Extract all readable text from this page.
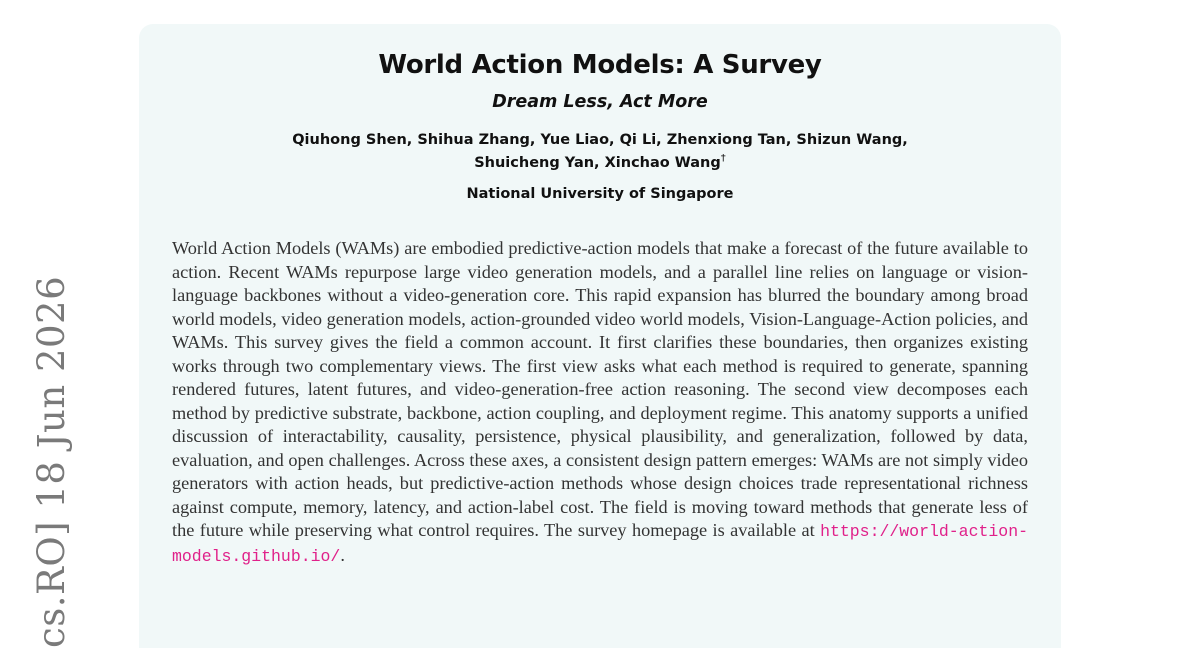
cs.RO] 18 Jun 2026
World Action Models: A Survey
Dream Less, Act More
Qiuhong Shen, Shihua Zhang, Yue Liao, Qi Li, Zhenxiong Tan, Shizun Wang,
Shuicheng Yan, Xinchao Wang†
National University of Singapore

World Action Models (WAMs) are embodied predictive-action models that make a forecast of the future available to action. Recent WAMs repurpose large video generation models, and a parallel line relies on language or vision-language backbones without a video-generation core. This rapid expansion has blurred the boundary among broad world models, video generation models, action-grounded video world models, Vision-Language-Action policies, and WAMs. This survey gives the field a common account. It first clarifies these boundaries, then organizes existing works through two complementary views. The first view asks what each method is required to generate, spanning rendered futures, latent futures, and video-generation-free action reasoning. The second view decomposes each method by predictive substrate, backbone, action coupling, and deployment regime. This anatomy supports a unified discussion of interactability, causality, persistence, physical plausibility, and generalization, followed by data, evaluation, and open challenges. Across these axes, a consistent design pattern emerges: WAMs are not simply video generators with action heads, but predictive-action methods whose design choices trade representational richness against compute, memory, latency, and action-label cost. The field is moving toward methods that generate less of the future while preserving what control requires. The survey homepage is available at https://world-action-models.github.io/.
